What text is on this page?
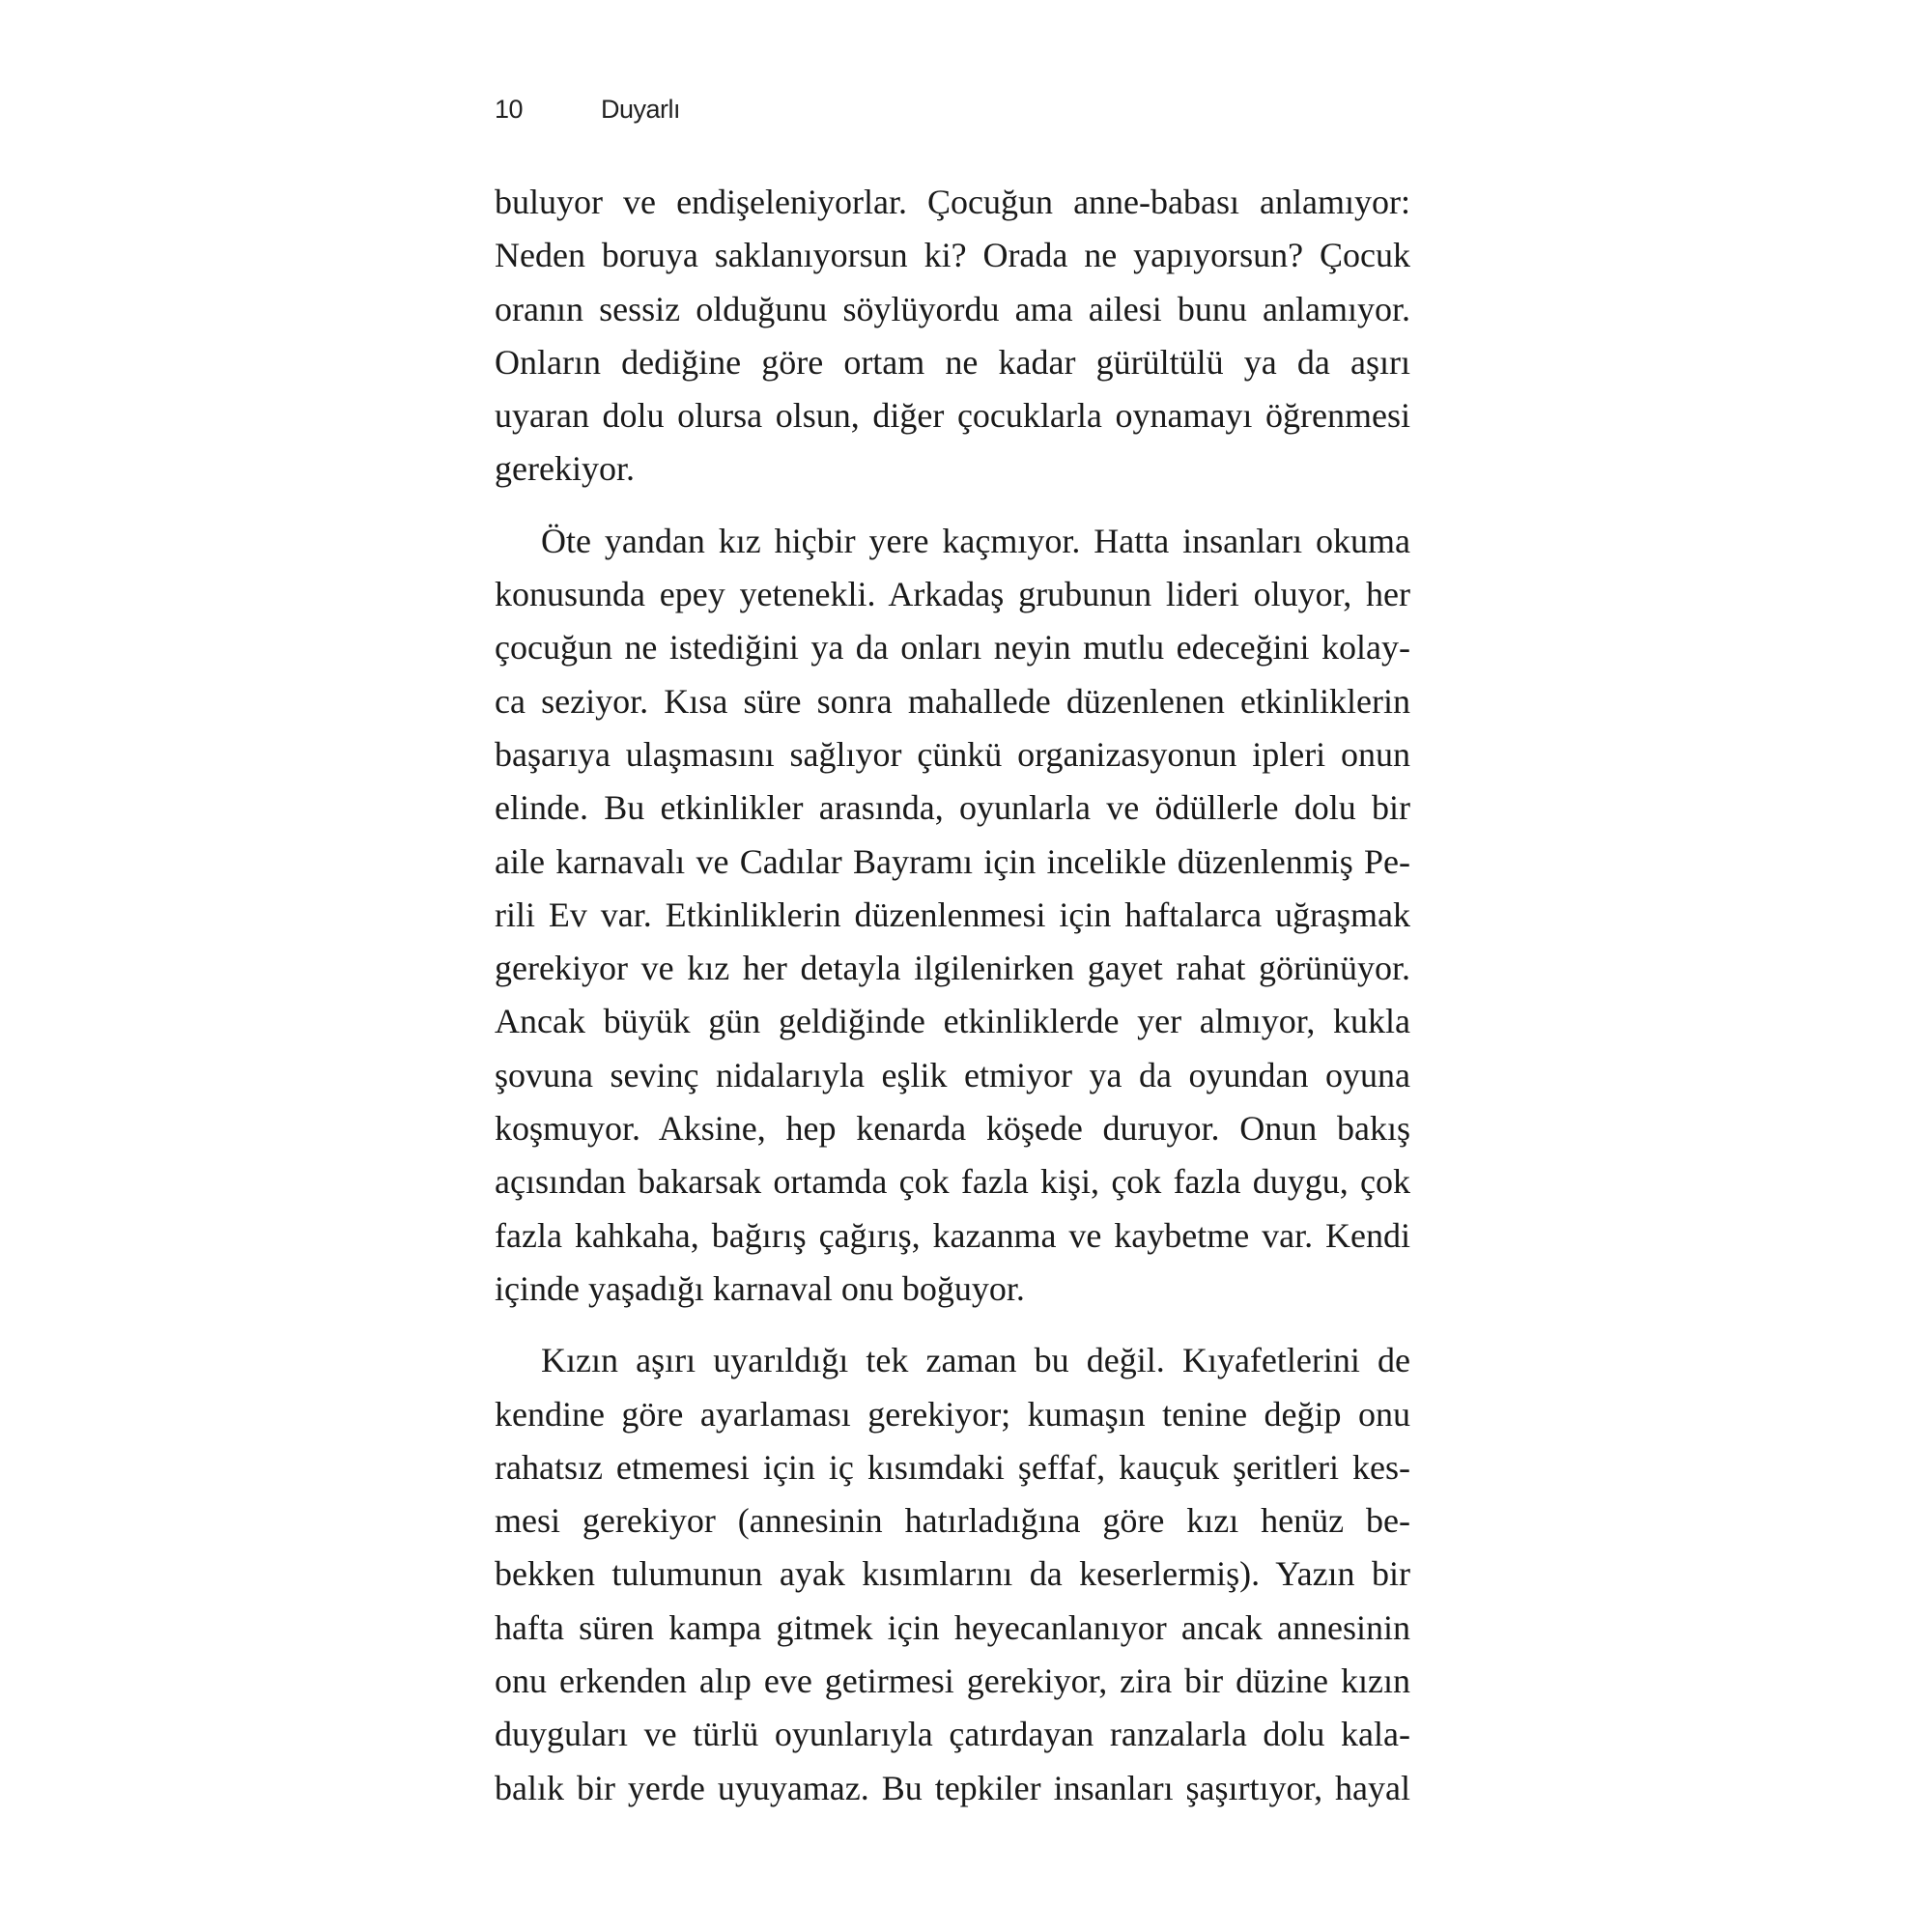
10	Duyarlı
buluyor ve endişeleniyorlar. Çocuğun anne-babası anlamıyor:
Neden boruya saklanıyorsun ki? Orada ne yapıyorsun? Çocuk
oranın sessiz olduğunu söylüyordu ama ailesi bunu anlamıyor.
Onların dediğine göre ortam ne kadar gürültülü ya da aşırı
uyaran dolu olursa olsun, diğer çocuklarla oynamayı öğrenmesi
gerekiyor.
Öte yandan kız hiçbir yere kaçmıyor. Hatta insanları okuma
konusunda epey yetenekli. Arkadaş grubunun lideri oluyor, her
çocuğun ne istediğini ya da onları neyin mutlu edeceğini kolay-
ca seziyor. Kısa süre sonra mahallede düzenlenen etkinliklerin
başarıya ulaşmasını sağlıyor çünkü organizasyonun ipleri onun
elinde. Bu etkinlikler arasında, oyunlarla ve ödüllerle dolu bir
aile karnavalı ve Cadılar Bayramı için incelikle düzenlenmiş Pe-
rili Ev var. Etkinliklerin düzenlenmesi için haftalarca uğraşmak
gerekiyor ve kız her detayla ilgilenirken gayet rahat görünüyor.
Ancak büyük gün geldiğinde etkinliklerde yer almıyor, kukla
şovuna sevinç nidalarıyla eşlik etmiyor ya da oyundan oyuna
koşmuyor. Aksine, hep kenarda köşede duruyor. Onun bakış
açısından bakarsak ortamda çok fazla kişi, çok fazla duygu, çok
fazla kahkaha, bağırış çağırış, kazanma ve kaybetme var. Kendi
içinde yaşadığı karnaval onu boğuyor.
Kızın aşırı uyarıldığı tek zaman bu değil. Kıyafetlerini de
kendine göre ayarlaması gerekiyor; kumaşın tenine değip onu
rahatsız etmemesi için iç kısımdaki şeffaf, kauçuk şeritleri kes-
mesi gerekiyor (annesinin hatırladığına göre kızı henüz be-
bekken tulumunun ayak kısımlarını da keserlermiş). Yazın bir
hafta süren kampa gitmek için heyecanlanıyor ancak annesinin
onu erkenden alıp eve getirmesi gerekiyor, zira bir düzine kızın
duyguları ve türlü oyunlarıyla çatırdayan ranzalarla dolu kala-
balık bir yerde uyuyamaz. Bu tepkiler insanları şaşırtıyor, hayal
